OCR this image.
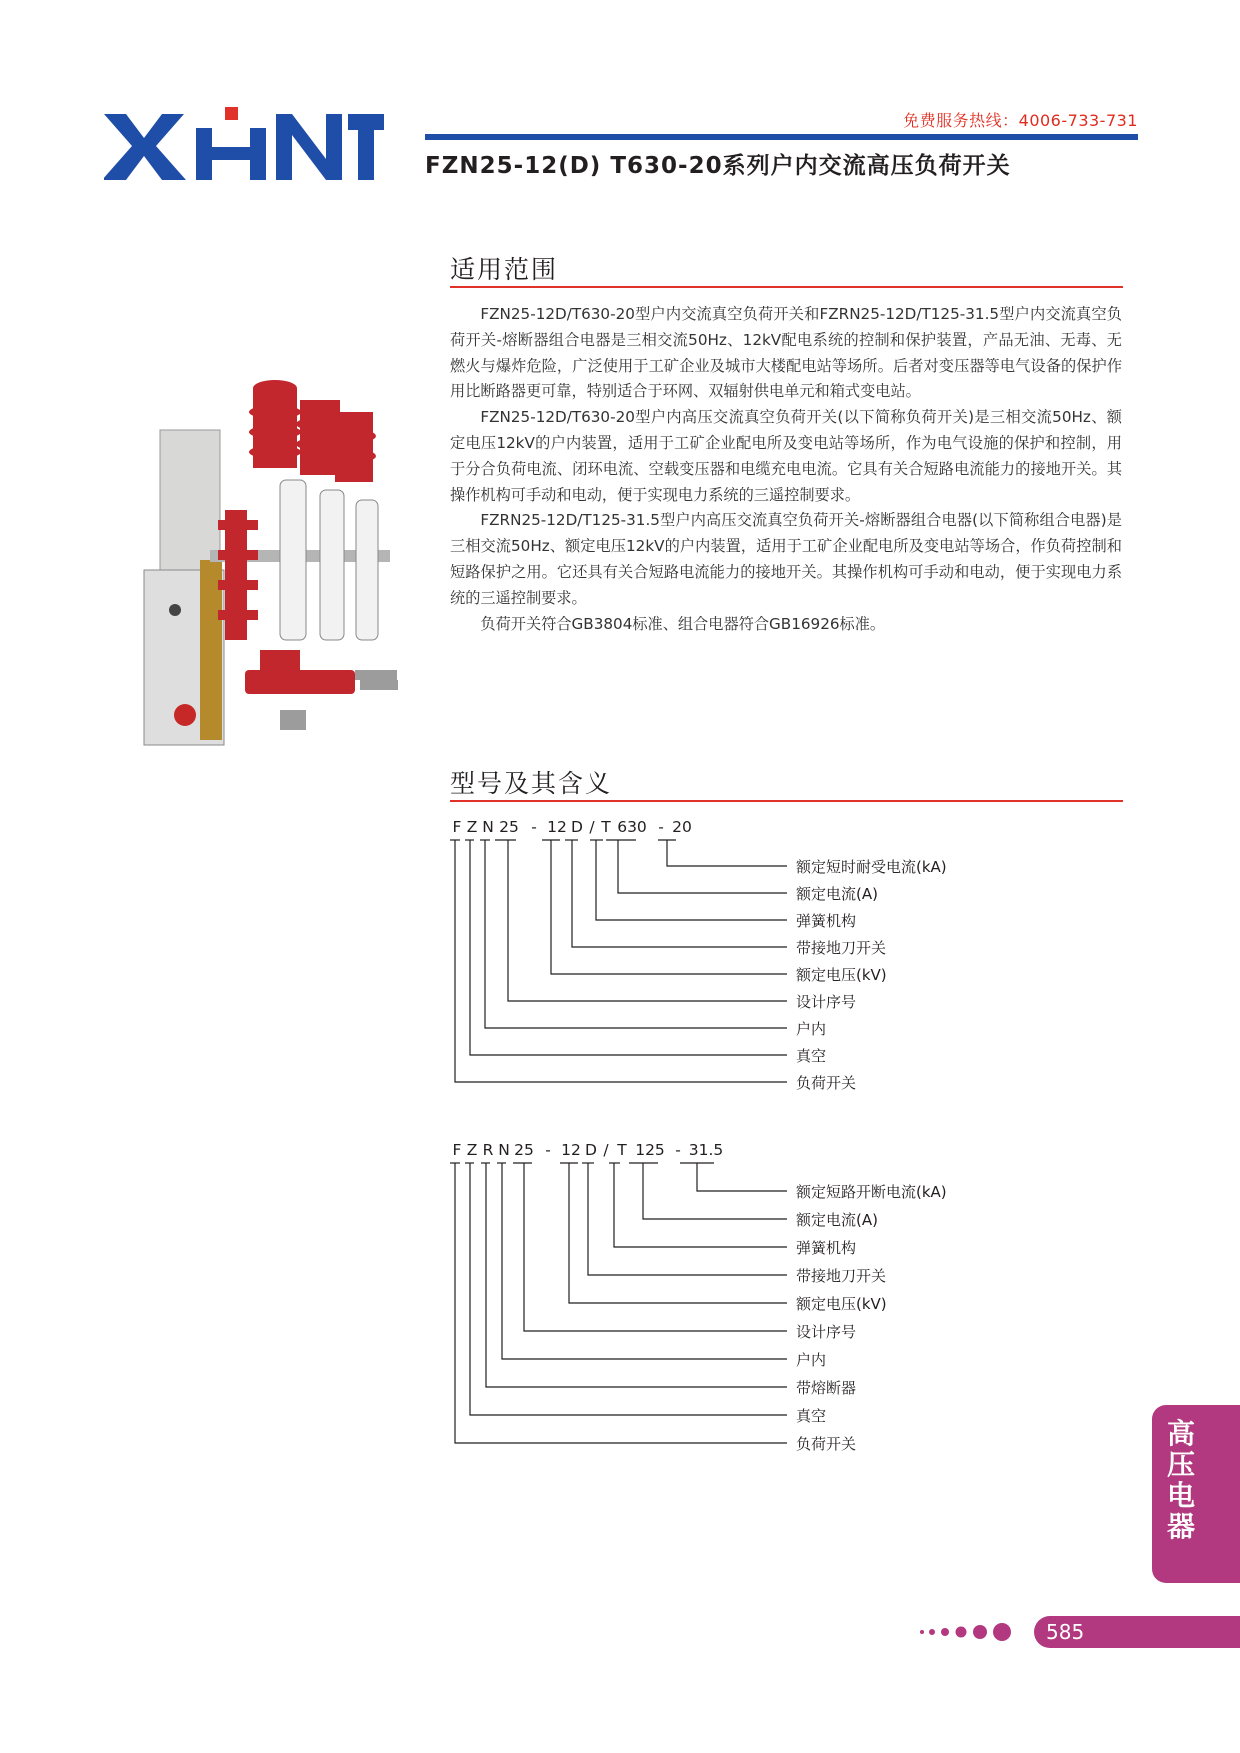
XHNT
免费服务热线：4006-733-731
FZN25-12(D) T630-20系列户内交流高压负荷开关
适用范围

FZN25-12D/T630-20型户内交流真空负荷开关和FZRN25-12D/T125-31.5型户内交流真空负荷开关-熔断器组合电器是三相交流50Hz、12kV配电系统的控制和保护装置，产品无油、无毒、无燃火与爆炸危险，广泛使用于工矿企业及城市大楼配电站等场所。后者对变压器等电气设备的保护作用比断路器更可靠，特别适合于环网、双辐射供电单元和箱式变电站。

FZN25-12D/T630-20型户内高压交流真空负荷开关(以下简称负荷开关)是三相交流50Hz、额定电压12kV的户内装置，适用于工矿企业配电所及变电站等场所，作为电气设施的保护和控制，用于分合负荷电流、闭环电流、空载变压器和电缆充电电流。它具有关合短路电流能力的接地开关。其操作机构可手动和电动，便于实现电力系统的三遥控制要求。

FZRN25-12D/T125-31.5型户内高压交流真空负荷开关-熔断器组合电器(以下简称组合电器)是三相交流50Hz、额定电压12kV的户内装置，适用于工矿企业配电所及变电站等场合，作负荷控制和短路保护之用。它还具有关合短路电流能力的接地开关。其操作机构可手动和电动，便于实现电力系统的三遥控制要求。

负荷开关符合GB3804标准、组合电器符合GB16926标准。

型号及其含义
F Z N 25 - 12 D / T 630 - 20
额定短时耐受电流(kA)
额定电流(A)
弹簧机构
带接地刀开关
额定电压(kV)
设计序号
户内
真空
负荷开关
F Z R N 25 - 12 D / T 125 - 31.5
额定短路开断电流(kA)
额定电流(A)
弹簧机构
带接地刀开关
额定电压(kV)
设计序号
户内
带熔断器
真空
负荷开关	高
压
电
器
585
